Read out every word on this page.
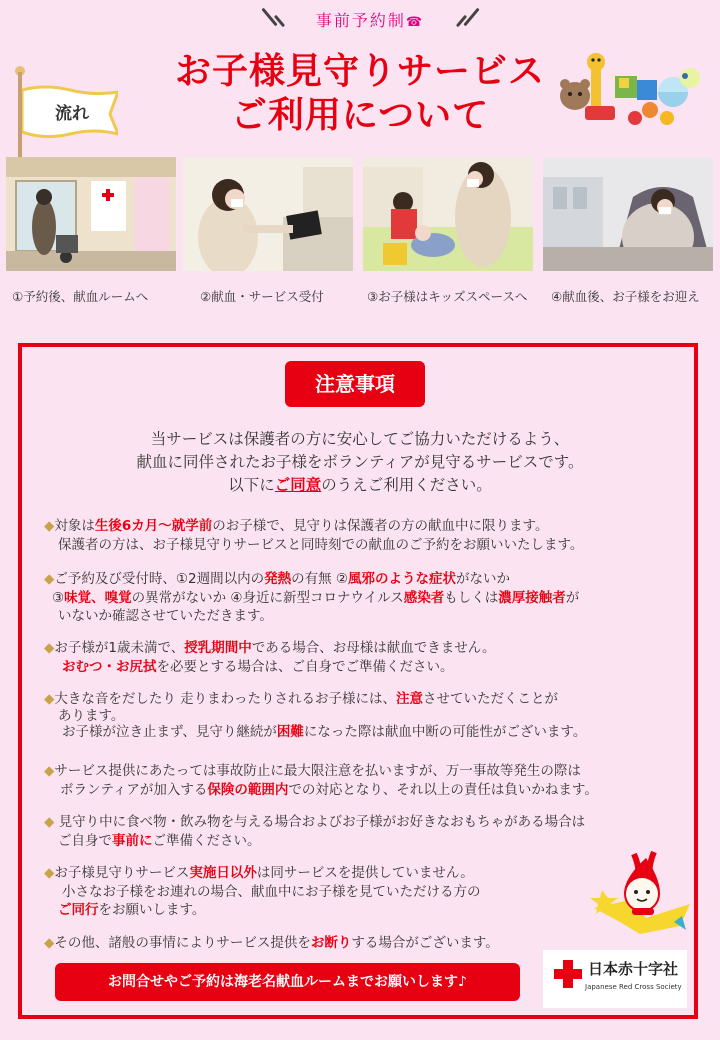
事前予約制☎
お子様見守りサービス
ご利用について
流れ
①予約後、献血ルームへ	②献血・サービス受付	③お子様はキッズスペースへ ④献血後、お子様をお迎え
注意事項
当サービスは保護者の方に安心してご協力いただけるよう、
献血に同伴されたお子様をボランティアが見守るサービスです。
以下にご同意のうえご利用ください。
◆対象は生後6カ月～就学前のお子様で、見守りは保護者の方の献血中に限ります。
保護者の方は、お子様見守りサービスと同時刻での献血のご予約をお願いいたします。
◆ご予約及び受付時、①2週間以内の発熱の有無 ②風邪のような症状がないか
③味覚、嗅覚の異常がないか ④身近に新型コロナウイルス感染者もしくは濃厚接触者が
いないか確認させていただきます。
◆お子様が1歳未満で、授乳期間中である場合、お母様は献血できません。
おむつ・お尻拭を必要とする場合は、ご自身でご準備ください。
◆大きな音をだしたり 走りまわったりされるお子様には、注意させていただくことが
あります。
お子様が泣き止まず、見守り継続が困難になった際は献血中断の可能性がございます。
◆サービス提供にあたっては事故防止に最大限注意を払いますが、万一事故等発生の際は
ボランティアが加入する保険の範囲内での対応となり、それ以上の責任は負いかねます。
◆ 見守り中に食べ物・飲み物を与える場合およびお子様がお好きなおもちゃがある場合は
ご自身で事前にご準備ください。
◆お子様見守りサービス実施日以外は同サービスを提供していません。
小さなお子様をお連れの場合、献血中にお子様を見ていただける方の
ご同行をお願いします。
◆その他、諸般の事情によりサービス提供をお断りする場合がございます。
お問合せやご予約は海老名献血ルームまでお願いします♪
日本赤十字社
Japanese Red Cross Society
